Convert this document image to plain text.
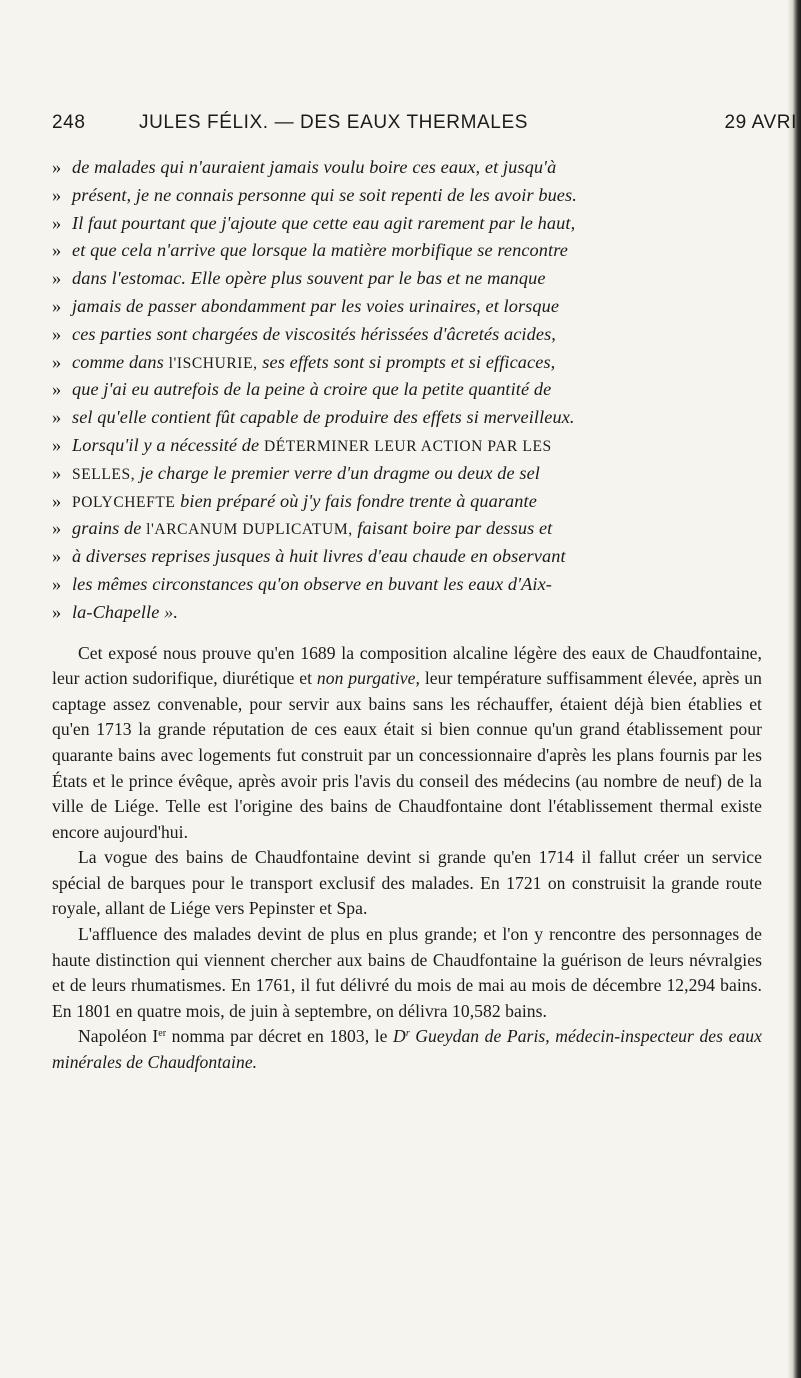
248	JULES FÉLIX. — DES EAUX THERMALES	29 AVRI
» de malades qui n'auraient jamais voulu boire ces eaux, et jusqu'à
» présent, je ne connais personne qui se soit repenti de les avoir bues.
» Il faut pourtant que j'ajoute que cette eau agit rarement par le haut,
» et que cela n'arrive que lorsque la matière morbifique se rencontre
» dans l'estomac. Elle opère plus souvent par le bas et ne manque
» jamais de passer abondamment par les voies urinaires, et lorsque
» ces parties sont chargées de viscosités hérissées d'âcretés acides,
» comme dans l'ISCHURIE, ses effets sont si prompts et si efficaces,
» que j'ai eu autrefois de la peine à croire que la petite quantité de
» sel qu'elle contient fût capable de produire des effets si merveilleux.
» Lorsqu'il y a nécessité de DÉTERMINER LEUR ACTION PAR LES
» SELLES, je charge le premier verre d'un dragme ou deux de sel
» POLYCHEFTE bien préparé où j'y fais fondre trente à quarante
» grains de l'ARCANUM DUPLICATUM, faisant boire par dessus et
» à diverses reprises jusques à huit livres d'eau chaude en observant
» les mêmes circonstances qu'on observe en buvant les eaux d'Aix-
» la-Chapelle ».

Cet exposé nous prouve qu'en 1689 la composition alcaline légère des eaux de Chaudfontaine, leur action sudorifique, diurétique et non purgative, leur température suffisamment élevée, après un captage assez convenable, pour servir aux bains sans les réchauffer, étaient déjà bien établies et qu'en 1713 la grande réputation de ces eaux était si bien connue qu'un grand établissement pour quarante bains avec logements fut construit par un concessionnaire d'après les plans fournis par les États et le prince évêque, après avoir pris l'avis du conseil des médecins (au nombre de neuf) de la ville de Liége. Telle est l'origine des bains de Chaudfontaine dont l'établissement thermal existe encore aujourd'hui.

La vogue des bains de Chaudfontaine devint si grande qu'en 1714 il fallut créer un service spécial de barques pour le transport exclusif des malades. En 1721 on construisit la grande route royale, allant de Liége vers Pepinster et Spa.

L'affluence des malades devint de plus en plus grande; et l'on y rencontre des personnages de haute distinction qui viennent chercher aux bains de Chaudfontaine la guérison de leurs névralgies et de leurs rhumatismes. En 1761, il fut délivré du mois de mai au mois de décembre 12,294 bains. En 1801 en quatre mois, de juin à septembre, on délivra 10,582 bains.

Napoléon Ier nomma par décret en 1803, le $D^r$ Gueydan de Paris, médecin-inspecteur des eaux minérales de Chaudfontaine.
